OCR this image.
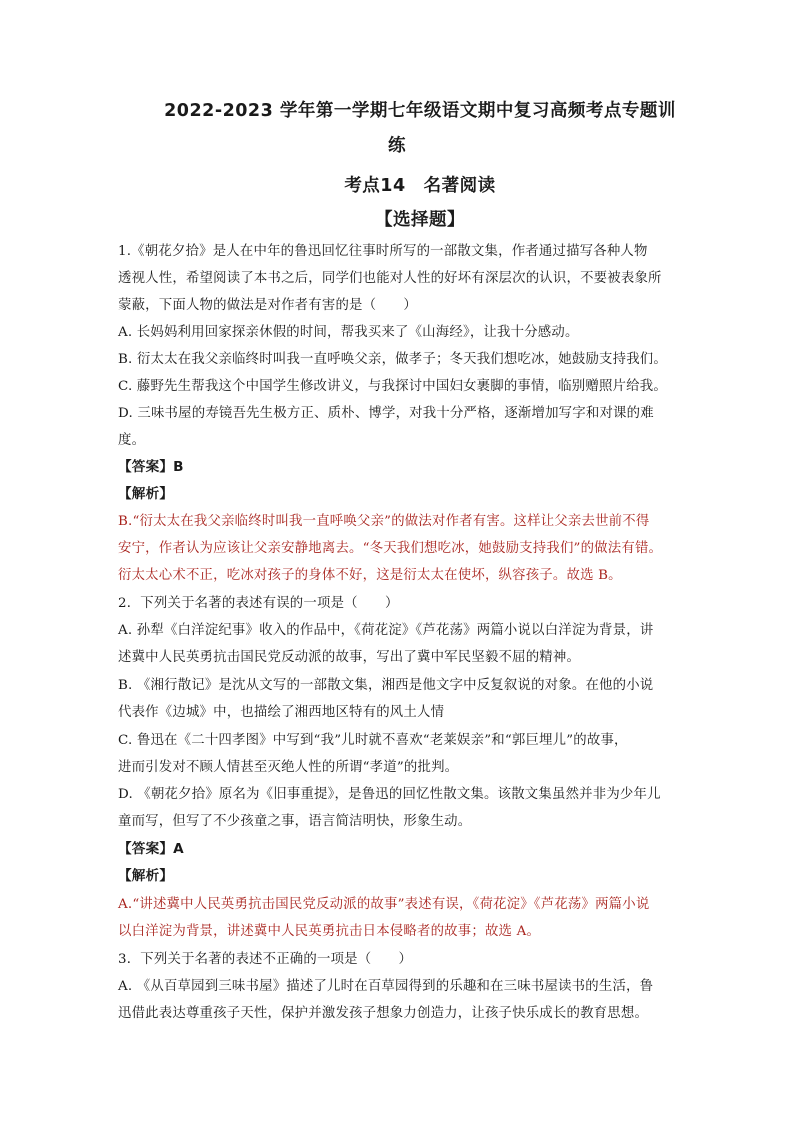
2022-2023 学年第一学期七年级语文期中复习高频考点专题训
练
考点14　名著阅读
【选择题】
1.《朝花夕拾》是人在中年的鲁迅回忆往事时所写的一部散文集，作者通过描写各种人物
透视人性，希望阅读了本书之后，同学们也能对人性的好坏有深层次的认识，不要被表象所
蒙蔽，下面人物的做法是对作者有害的是（　　）
A. 长妈妈利用回家探亲休假的时间，帮我买来了《山海经》，让我十分感动。
B. 衍太太在我父亲临终时叫我一直呼唤父亲，做孝子；冬天我们想吃冰，她鼓励支持我们。
C. 藤野先生帮我这个中国学生修改讲义，与我探讨中国妇女裹脚的事情，临别赠照片给我。
D. 三味书屋的寿镜吾先生极方正、质朴、博学，对我十分严格，逐渐增加写字和对课的难
度。
【答案】B
【解析】
B.“衍太太在我父亲临终时叫我一直呼唤父亲”的做法对作者有害。这样让父亲去世前不得
安宁，作者认为应该让父亲安静地离去。“冬天我们想吃冰，她鼓励支持我们”的做法有错。
衍太太心术不正，吃冰对孩子的身体不好，这是衍太太在使坏，纵容孩子。故选 B。
2．下列关于名著的表述有误的一项是（　　）
A. 孙犁《白洋淀纪事》收入的作品中，《荷花淀》《芦花荡》两篇小说以白洋淀为背景，讲
述冀中人民英勇抗击国民党反动派的故事，写出了冀中军民坚毅不屈的精神。
B. 《湘行散记》是沈从文写的一部散文集，湘西是他文字中反复叙说的对象。在他的小说
代表作《边城》中，也描绘了湘西地区特有的风土人情
C. 鲁迅在《二十四孝图》中写到“我”儿时就不喜欢“老莱娱亲”和“郭巨埋儿”的故事，
进而引发对不顾人情甚至灭绝人性的所谓“孝道”的批判。
D. 《朝花夕拾》原名为《旧事重提》，是鲁迅的回忆性散文集。该散文集虽然并非为少年儿
童而写，但写了不少孩童之事，语言简洁明快，形象生动。
【答案】A
【解析】
A.“讲述冀中人民英勇抗击国民党反动派的故事”表述有误，《荷花淀》《芦花荡》两篇小说
以白洋淀为背景，讲述冀中人民英勇抗击日本侵略者的故事；故选 A。
3．下列关于名著的表述不正确的一项是（　　）
A. 《从百草园到三味书屋》描述了儿时在百草园得到的乐趣和在三味书屋读书的生活，鲁
迅借此表达尊重孩子天性，保护并激发孩子想象力创造力，让孩子快乐成长的教育思想。
